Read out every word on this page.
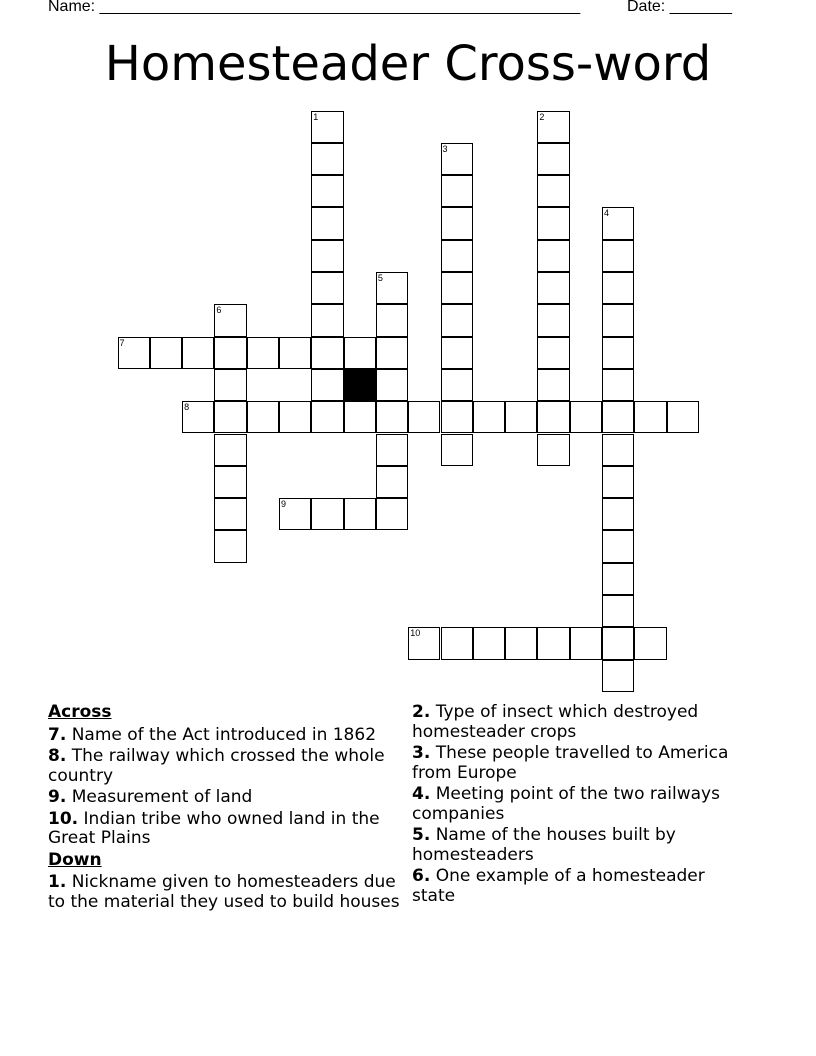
Name: ______________________________________________________	Date: _______
Homesteader Cross-word
1	2
3
4
5
6
7
8
9
10
Across
7. Name of the Act introduced in 1862
8. The railway which crossed the whole country
9. Measurement of land
10. Indian tribe who owned land in the Great Plains
Down
1. Nickname given to homesteaders due to the material they used to build houses
2. Type of insect which destroyed homesteader crops
3. These people travelled to America from Europe
4. Meeting point of the two railways companies
5. Name of the houses built by homesteaders
6. One example of a homesteader state
